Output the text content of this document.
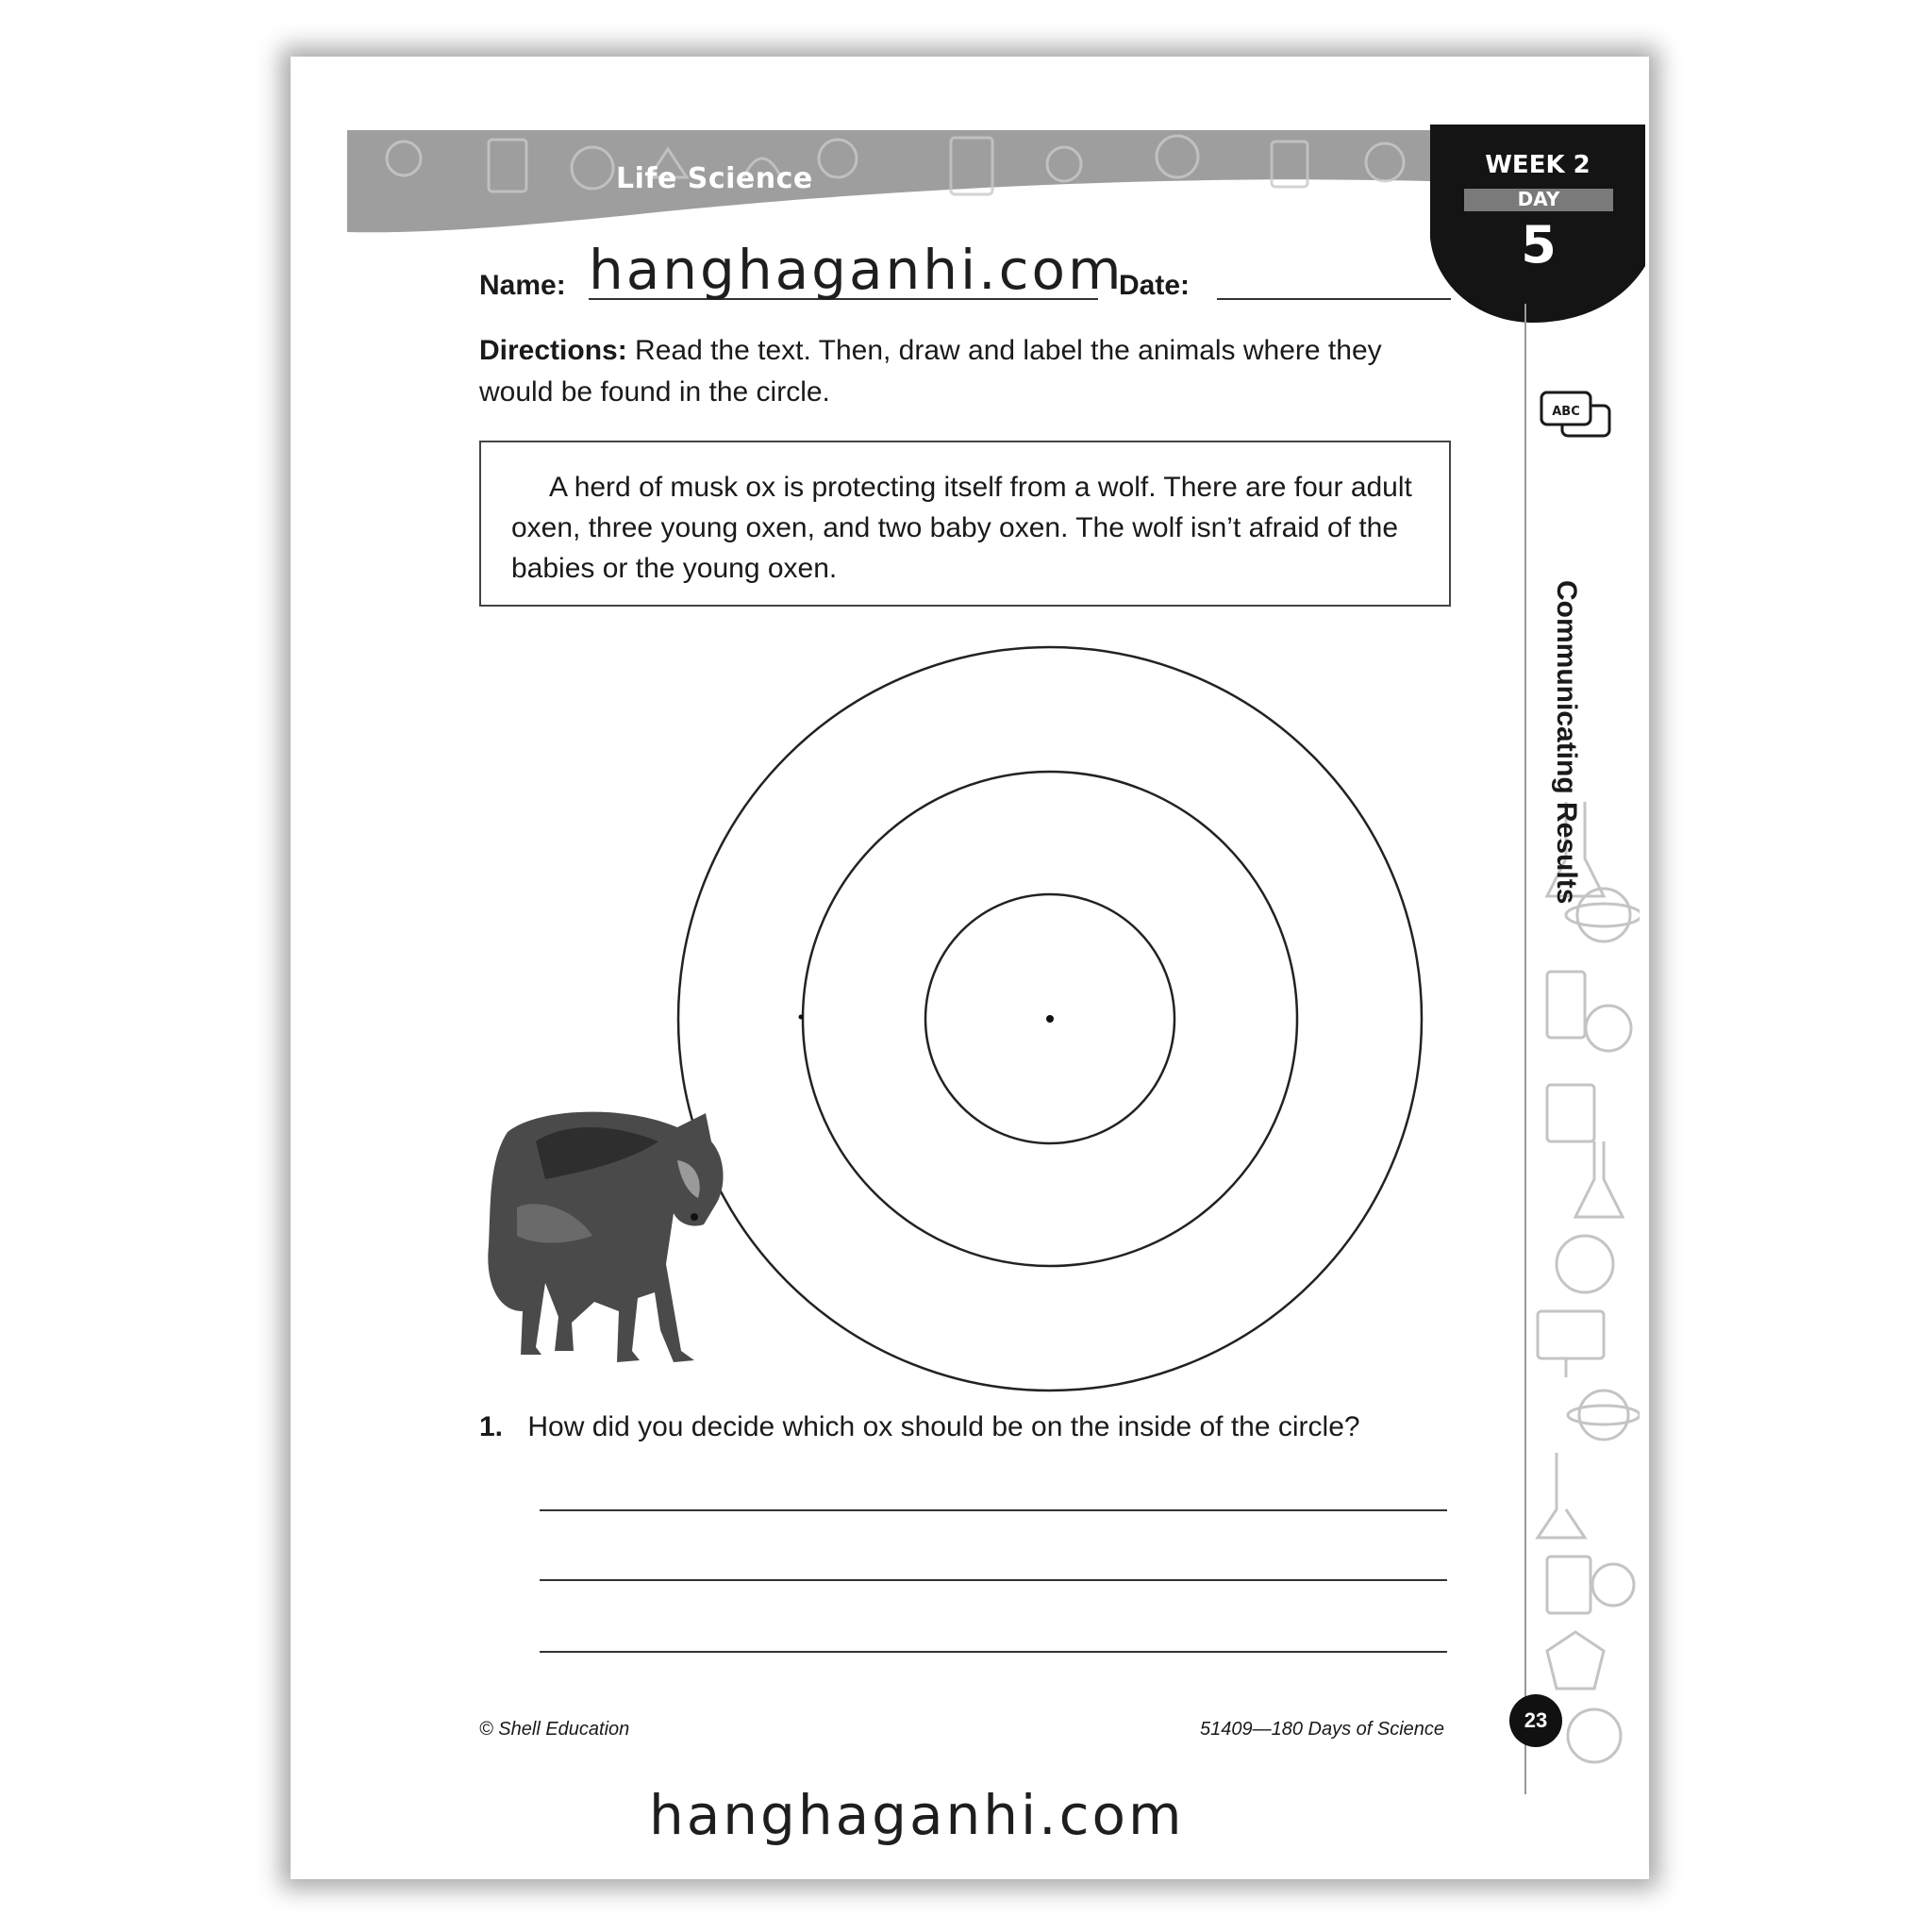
Life Science	WEEK 2
DAY
5
Name: hanghaganhi.com
Date:
Directions: Read the text. Then, draw and label the animals where they would be found in the circle.
A herd of musk ox is protecting itself from a wolf. There are four adult oxen, three young oxen, and two baby oxen. The wolf isn’t afraid of the babies or the young oxen.
ABC
Communicating Results
1. How did you decide which ox should be on the inside of the circle?
© Shell Education	51409—180 Days of Science	23
hanghaganhi.com
